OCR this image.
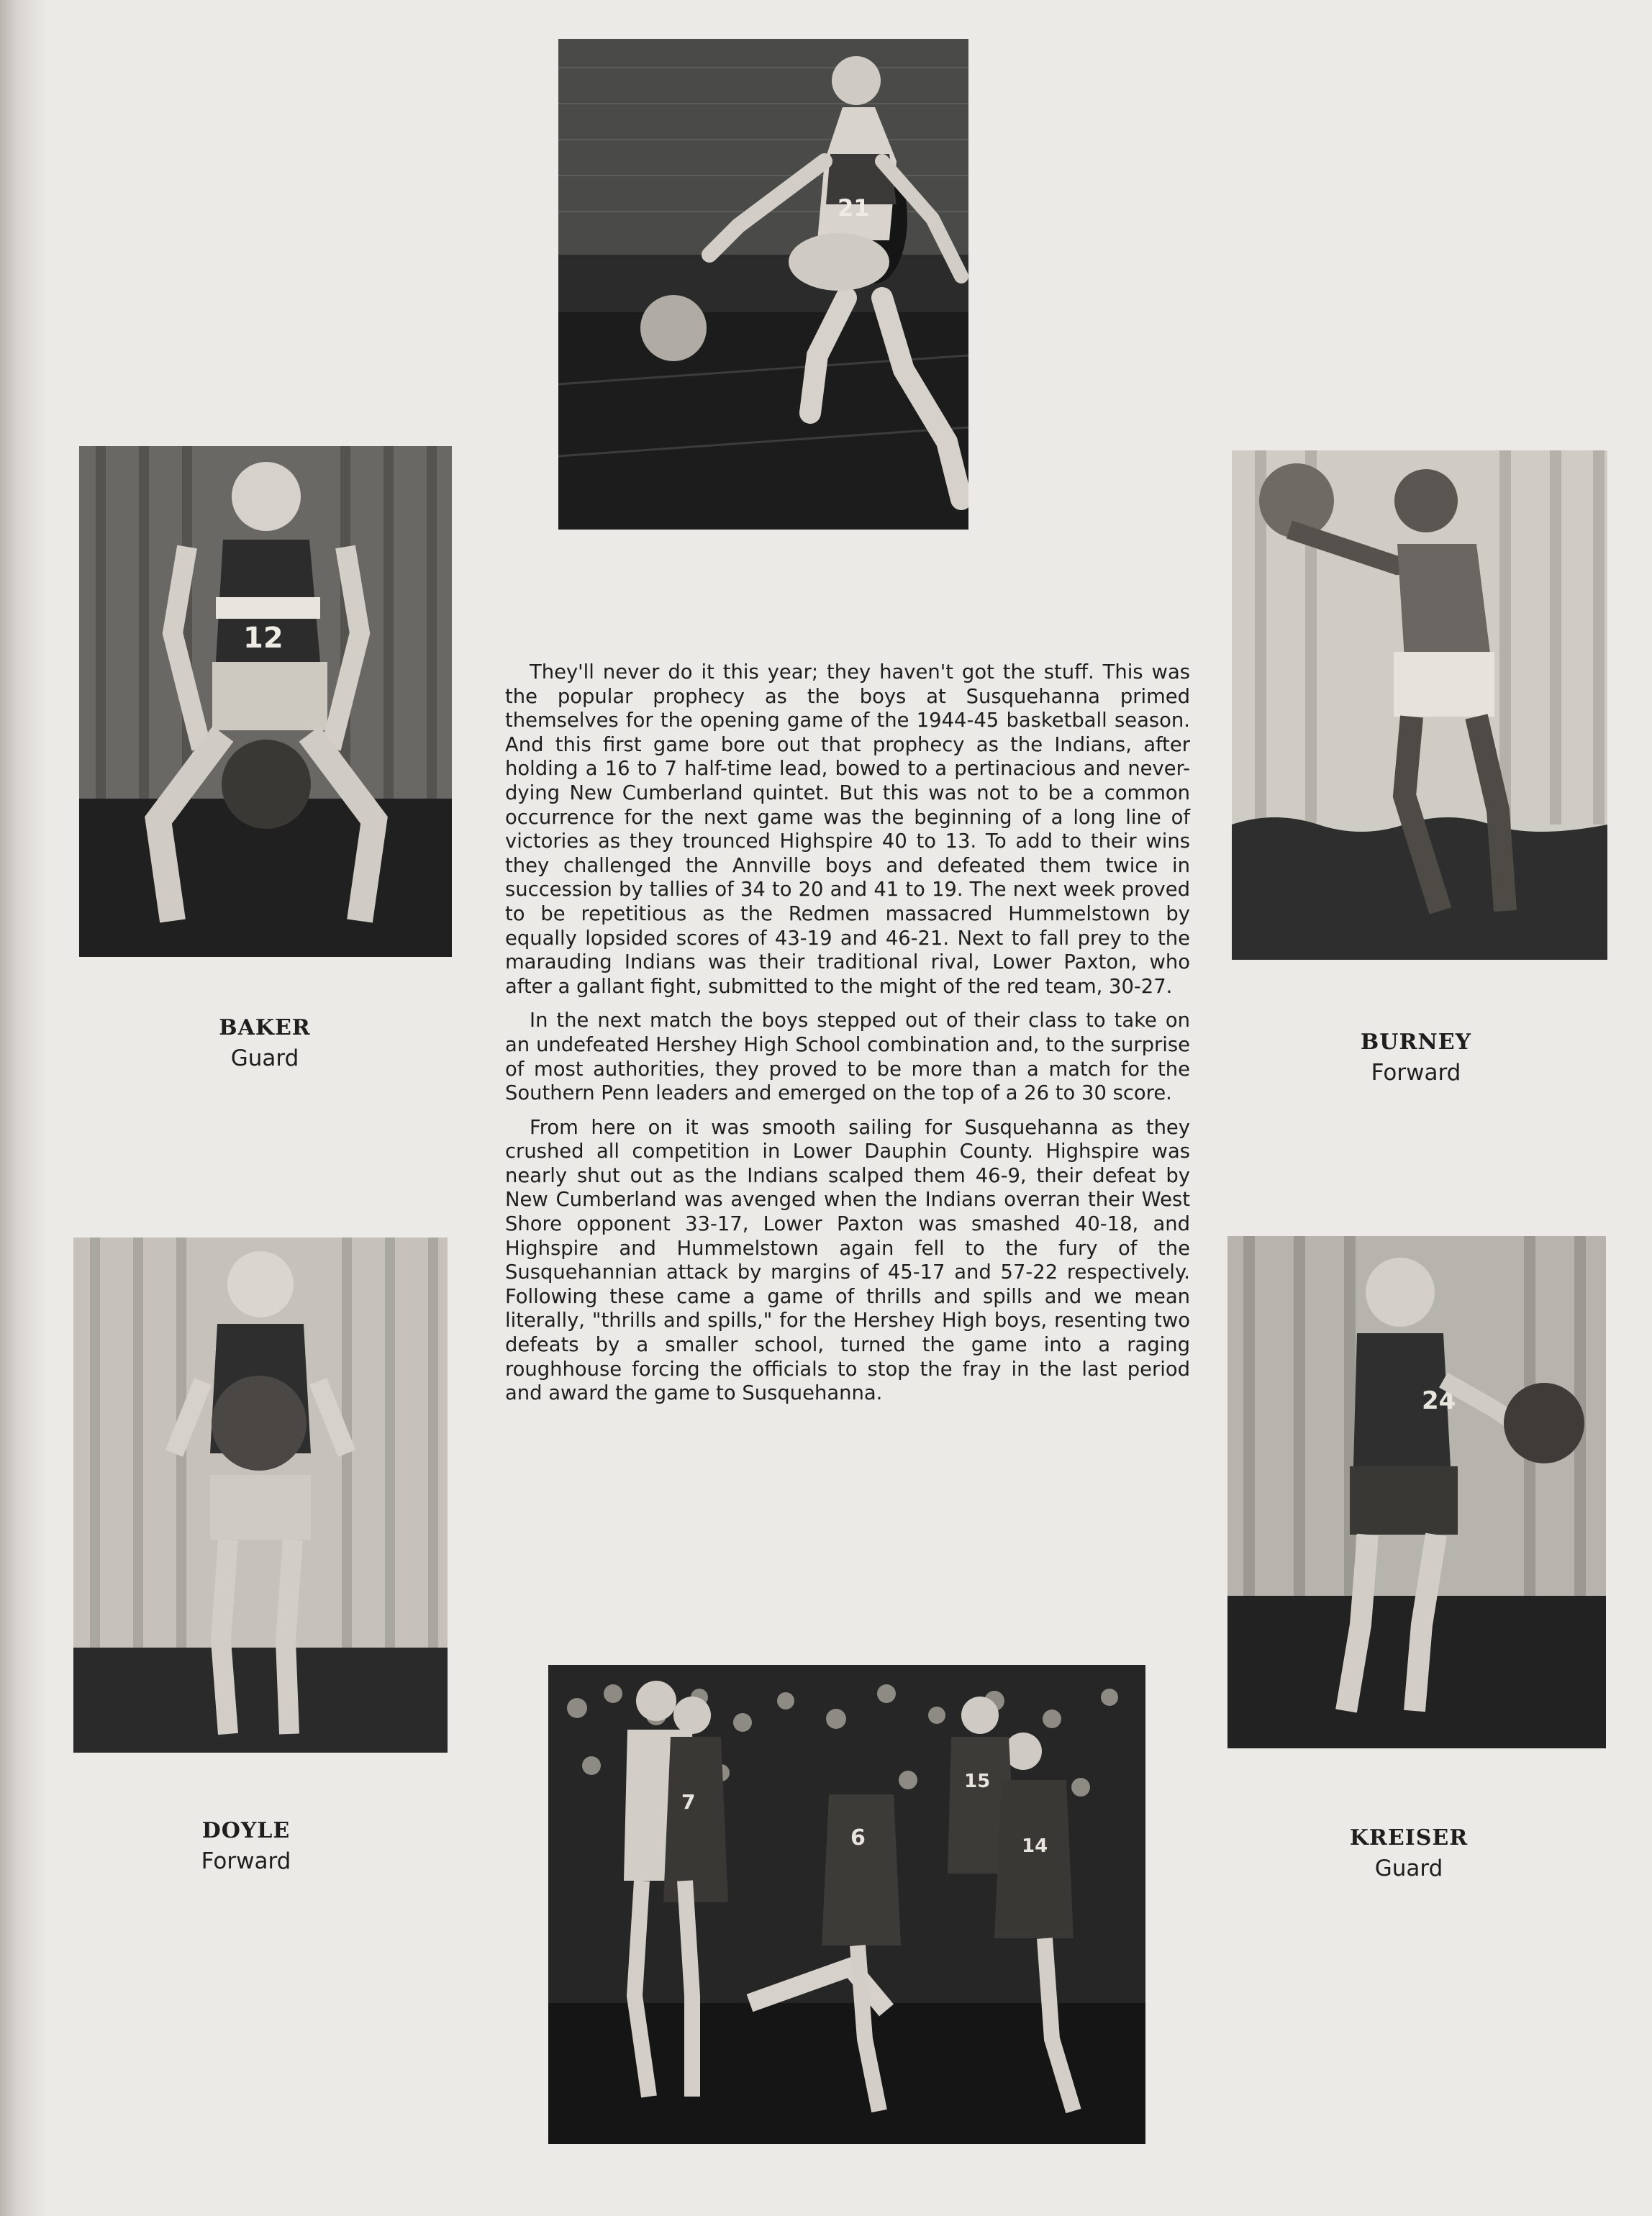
21
12
BAKER
Guard
BURNEY
Forward
DOYLE
Forward
24
KREISER
Guard
7
6
15
14

They'll never do it this year; they haven't got the stuff. This was the popular prophecy as the boys at Susquehanna primed themselves for the opening game of the 1944-45 basketball season. And this first game bore out that prophecy as the Indians, after holding a 16 to 7 half-time lead, bowed to a pertinacious and never-dying New Cumberland quintet. But this was not to be a common occurrence for the next game was the beginning of a long line of victories as they trounced Highspire 40 to 13. To add to their wins they challenged the Annville boys and defeated them twice in succession by tallies of 34 to 20 and 41 to 19. The next week proved to be repetitious as the Redmen massacred Hummelstown by equally lopsided scores of 43-19 and 46-21. Next to fall prey to the marauding Indians was their traditional rival, Lower Paxton, who after a gallant fight, submitted to the might of the red team, 30-27.

In the next match the boys stepped out of their class to take on an undefeated Hershey High School combination and, to the surprise of most authorities, they proved to be more than a match for the Southern Penn leaders and emerged on the top of a 26 to 30 score.

From here on it was smooth sailing for Susquehanna as they crushed all competition in Lower Dauphin County. Highspire was nearly shut out as the Indians scalped them 46-9, their defeat by New Cumberland was avenged when the Indians overran their West Shore opponent 33-17, Lower Paxton was smashed 40-18, and Highspire and Hummelstown again fell to the fury of the Susquehannian attack by margins of 45-17 and 57-22 respectively. Following these came a game of thrills and spills and we mean literally, "thrills and spills," for the Hershey High boys, resenting two defeats by a smaller school, turned the game into a raging roughhouse forcing the officials to stop the fray in the last period and award the game to Susquehanna.
